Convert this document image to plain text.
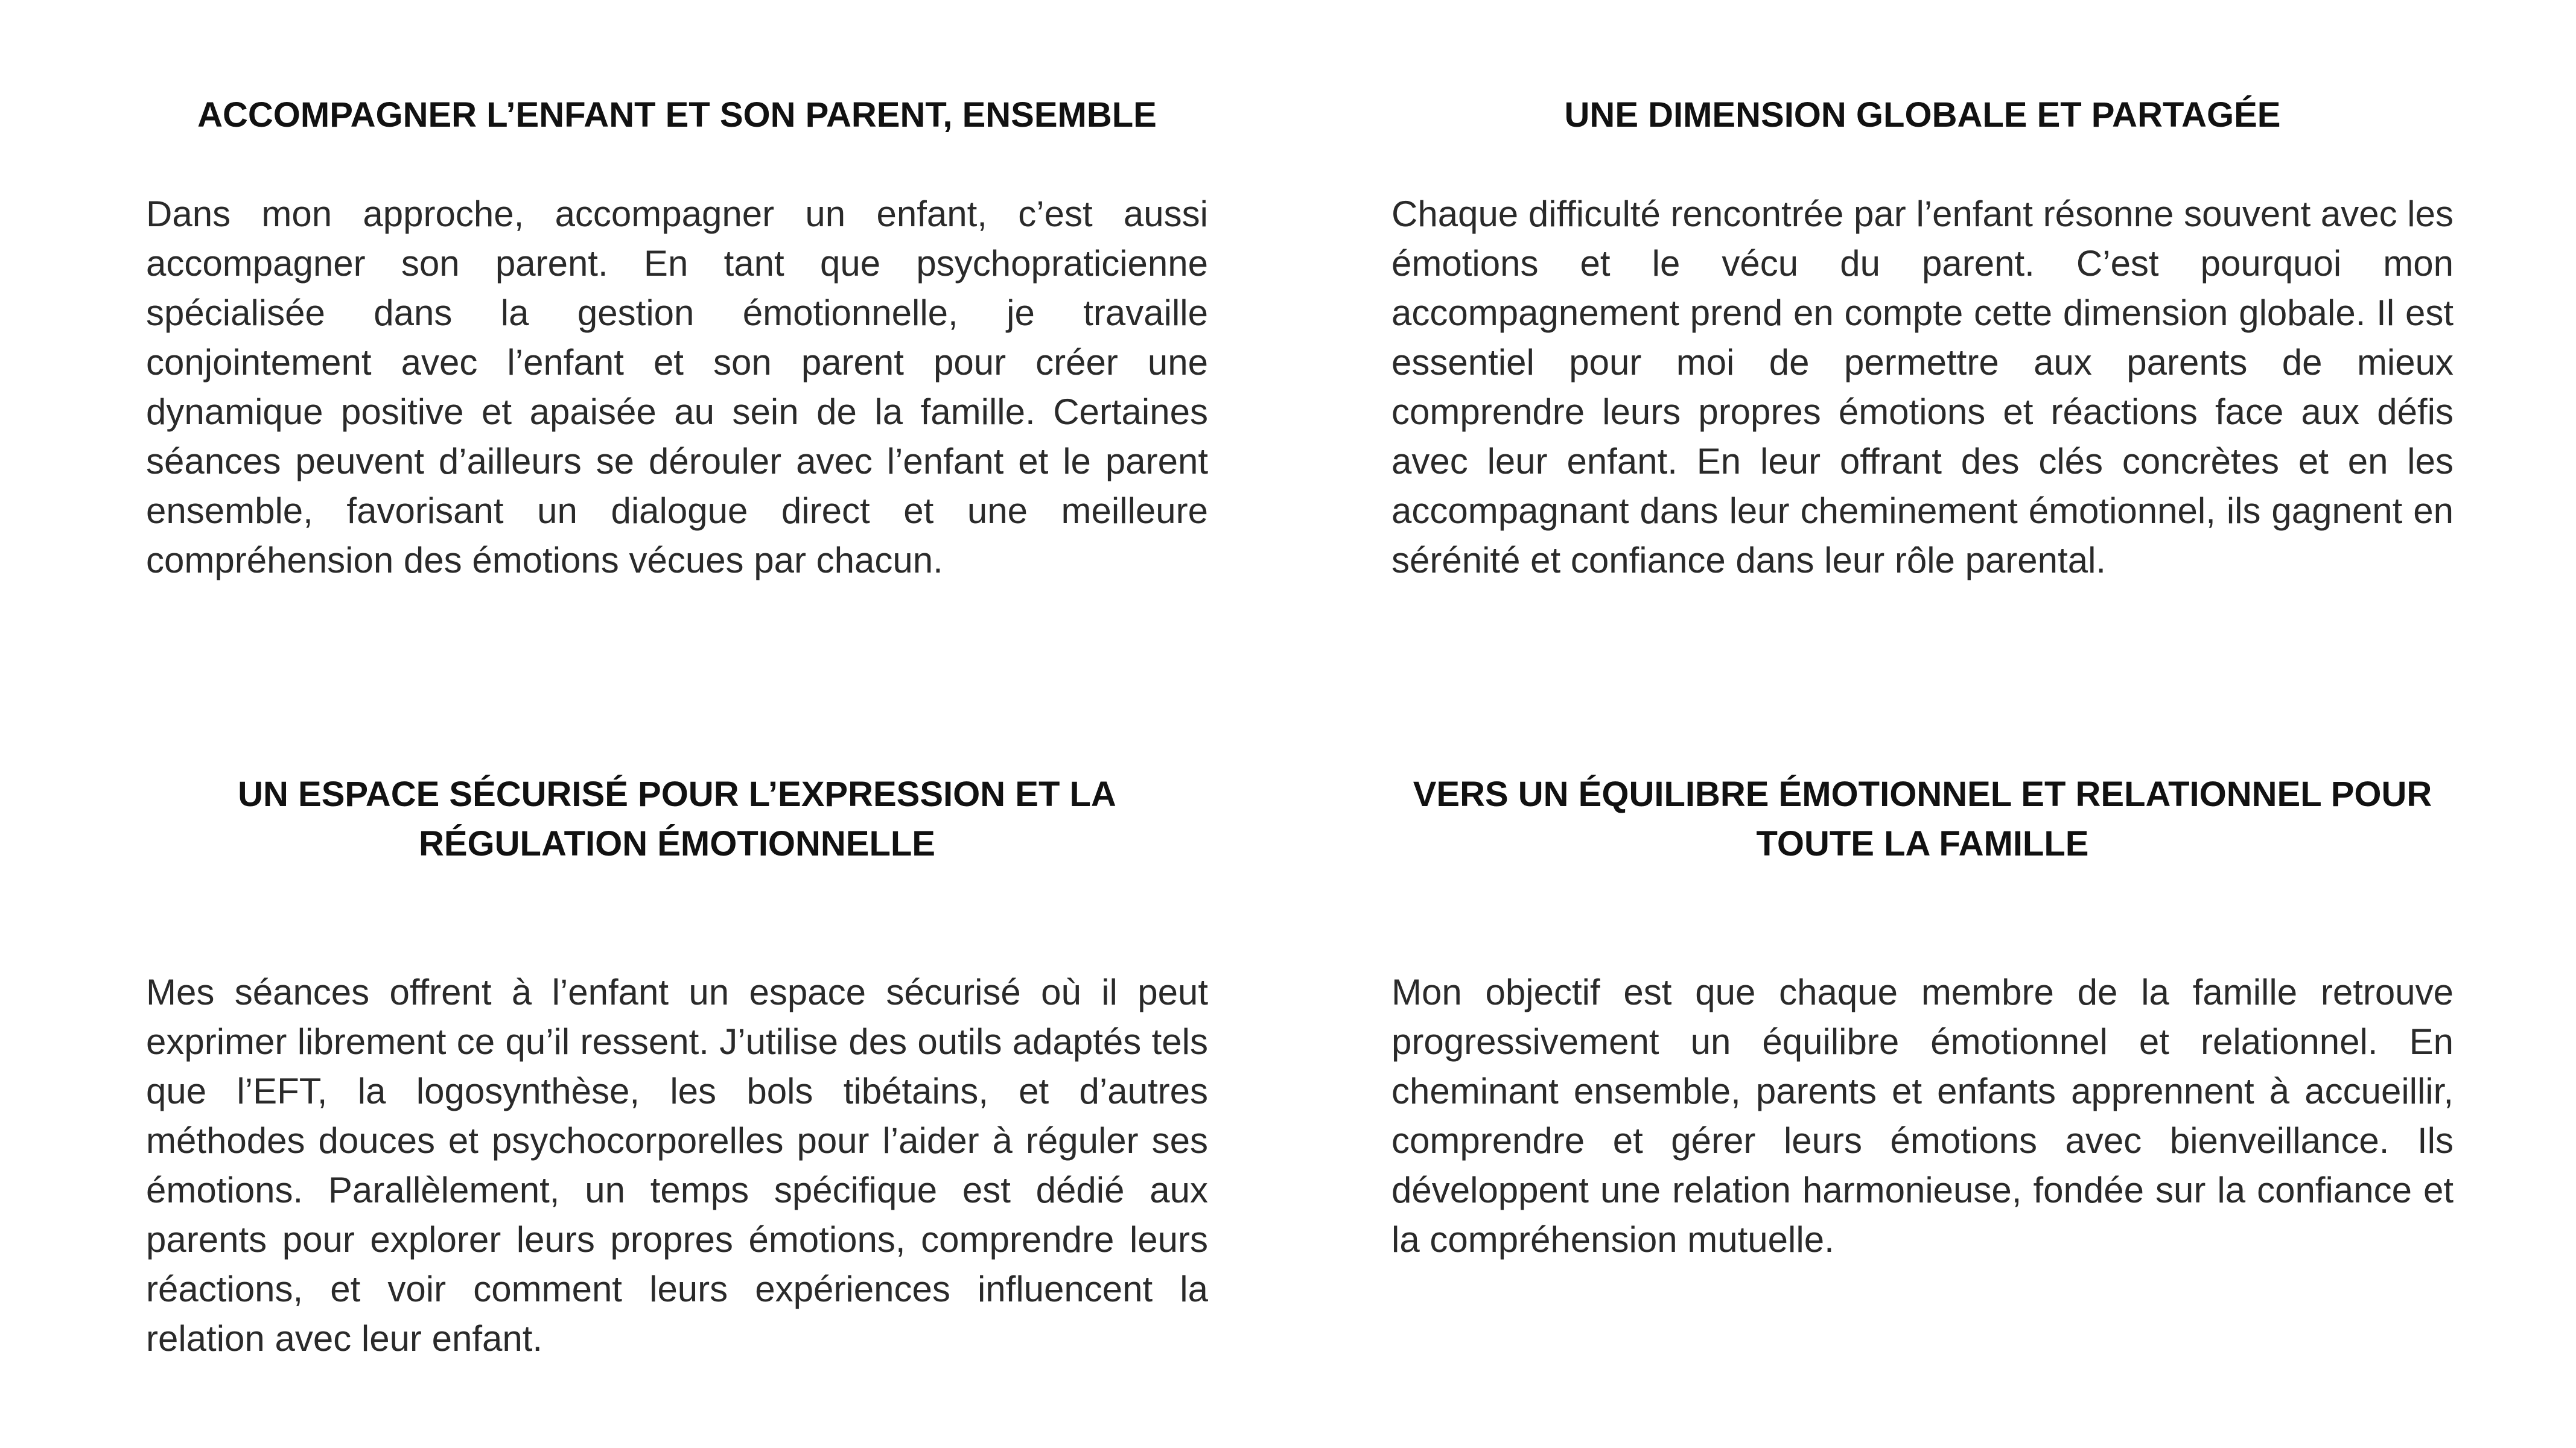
ACCOMPAGNER L’ENFANT ET SON PARENT, ENSEMBLE

Dans mon approche, accompagner un enfant, c’est aussi accompagner son parent. En tant que psychopraticienne spécialisée dans la gestion émotionnelle, je travaille conjointement avec l’enfant et son parent pour créer une dynamique positive et apaisée au sein de la famille. Certaines séances peuvent d’ailleurs se dérouler avec l’enfant et le parent ensemble, favorisant un dialogue direct et une meilleure compréhension des émotions vécues par chacun.

UNE DIMENSION GLOBALE ET PARTAGÉE

Chaque difficulté rencontrée par l’enfant résonne souvent avec les émotions et le vécu du parent. C’est pourquoi mon accompagnement prend en compte cette dimension globale. Il est essentiel pour moi de permettre aux parents de mieux comprendre leurs propres émotions et réactions face aux défis avec leur enfant. En leur offrant des clés concrètes et en les accompagnant dans leur cheminement émotionnel, ils gagnent en sérénité et confiance dans leur rôle parental.

UN ESPACE SÉCURISÉ POUR L’EXPRESSION ET LA RÉGULATION ÉMOTIONNELLE

Mes séances offrent à l’enfant un espace sécurisé où il peut exprimer librement ce qu’il ressent. J’utilise des outils adaptés tels que l’EFT, la logosynthèse, les bols tibétains, et d’autres méthodes douces et psychocorporelles pour l’aider à réguler ses émotions. Parallèlement, un temps spécifique est dédié aux parents pour explorer leurs propres émotions, comprendre leurs réactions, et voir comment leurs expériences influencent la relation avec leur enfant.

VERS UN ÉQUILIBRE ÉMOTIONNEL ET RELATIONNEL POUR TOUTE LA FAMILLE

Mon objectif est que chaque membre de la famille retrouve progressivement un équilibre émotionnel et relationnel. En cheminant ensemble, parents et enfants apprennent à accueillir, comprendre et gérer leurs émotions avec bienveillance. Ils développent une relation harmonieuse, fondée sur la confiance et la compréhension mutuelle.
